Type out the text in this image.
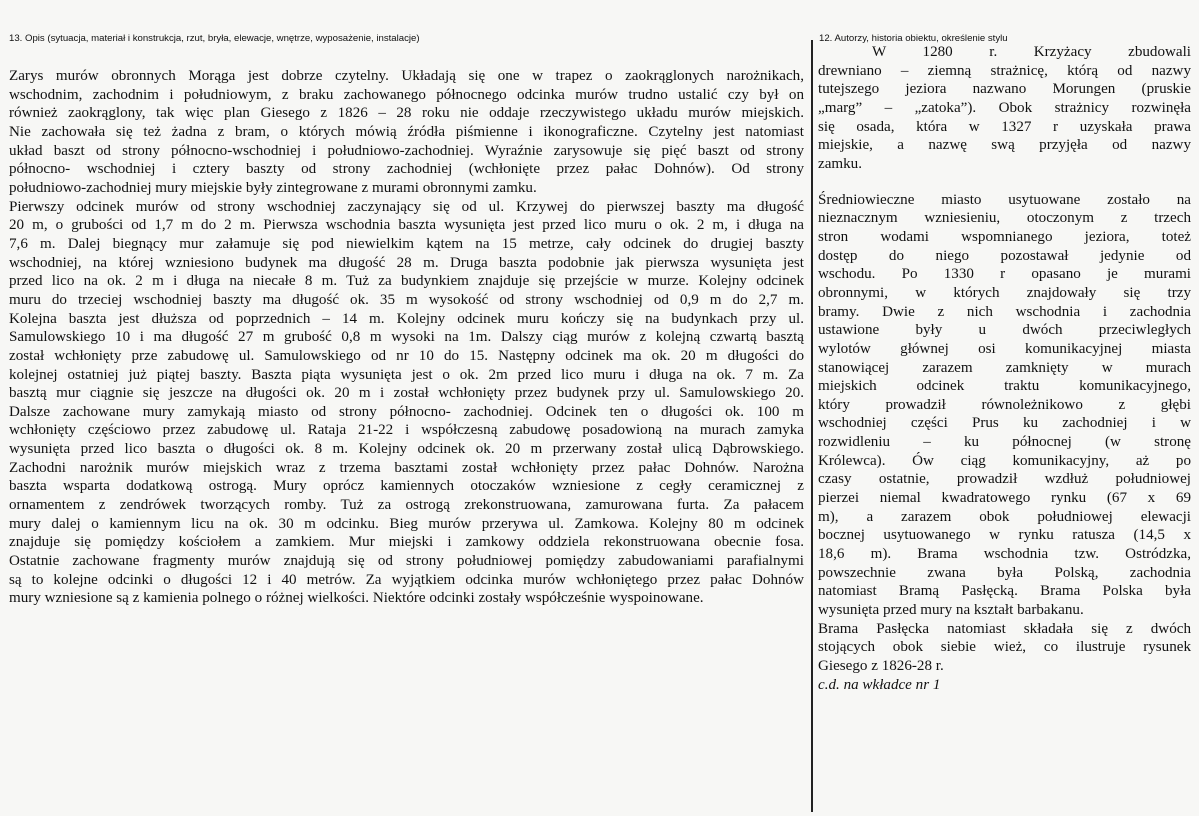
13. Opis (sytuacja, materiał i konstrukcja, rzut, bryła, elewacje, wnętrze, wyposażenie, instalacje)	12. Autorzy, historia obiektu, określenie stylu

Zarys murów obronnych Morąga jest dobrze czytelny. Układają się one w trapez o zaokrąglonych narożnikach,
wschodnim, zachodnim i południowym, z braku zachowanego północnego odcinka murów trudno ustalić czy był on
również zaokrąglony, tak więc plan Giesego z 1826 – 28 roku nie oddaje rzeczywistego układu murów miejskich.
Nie zachowała się też żadna z bram, o których mówią źródła piśmienne i ikonograficzne. Czytelny jest natomiast
układ baszt od strony północno-wschodniej i południowo-zachodniej. Wyraźnie zarysowuje się pięć baszt od strony
północno- wschodniej i cztery baszty od strony zachodniej (wchłonięte przez pałac Dohnów). Od strony
południowo-zachodniej mury miejskie były zintegrowane z murami obronnymi zamku.

Pierwszy odcinek murów od strony wschodniej zaczynający się od ul. Krzywej do pierwszej baszty ma długość
20 m, o grubości od 1,7 m do 2 m. Pierwsza wschodnia baszta wysunięta jest przed lico muru o ok. 2 m, i długa na
7,6 m. Dalej biegnący mur załamuje się pod niewielkim kątem na 15 metrze, cały odcinek do drugiej baszty
wschodniej, na której wzniesiono budynek ma długość 28 m. Druga baszta podobnie jak pierwsza wysunięta jest
przed lico na ok. 2 m i długa na niecałe 8 m. Tuż za budynkiem znajduje się przejście w murze. Kolejny odcinek
muru do trzeciej wschodniej baszty ma długość ok. 35 m wysokość od strony wschodniej od 0,9 m do 2,7 m.
Kolejna baszta jest dłuższa od poprzednich – 14 m. Kolejny odcinek muru kończy się na budynkach przy ul.
Samulowskiego 10 i ma długość 27 m grubość 0,8 m wysoki na 1m. Dalszy ciąg murów z kolejną czwartą basztą
został wchłonięty prze zabudowę ul. Samulowskiego od nr 10 do 15. Następny odcinek ma ok. 20 m długości do
kolejnej ostatniej już piątej baszty. Baszta piąta wysunięta jest o ok. 2m przed lico muru i długa na ok. 7 m. Za
basztą mur ciągnie się jeszcze na długości ok. 20 m i został wchłonięty przez budynek przy ul. Samulowskiego 20.
Dalsze zachowane mury zamykają miasto od strony północno- zachodniej. Odcinek ten o długości ok. 100 m
wchłonięty częściowo przez zabudowę ul. Rataja 21-22 i współczesną zabudowę posadowioną na murach zamyka
wysunięta przed lico baszta o długości ok. 8 m. Kolejny odcinek ok. 20 m przerwany został ulicą Dąbrowskiego.
Zachodni narożnik murów miejskich wraz z trzema basztami został wchłonięty przez pałac Dohnów. Narożna
baszta wsparta dodatkową ostrogą. Mury oprócz kamiennych otoczaków wzniesione z cegły ceramicznej z
ornamentem z zendrówek tworzących romby. Tuż za ostrogą zrekonstruowana, zamurowana furta. Za pałacem
mury dalej o kamiennym licu na ok. 30 m odcinku. Bieg murów przerywa ul. Zamkowa. Kolejny 80 m odcinek
znajduje się pomiędzy kościołem a zamkiem. Mur miejski i zamkowy oddziela rekonstruowana obecnie fosa.
Ostatnie zachowane fragmenty murów znajdują się od strony południowej pomiędzy zabudowaniami parafialnymi
są to kolejne odcinki o długości 12 i 40 metrów. Za wyjątkiem odcinka murów wchłoniętego przez pałac Dohnów
mury wzniesione są z kamienia polnego o różnej wielkości. Niektóre odcinki zostały współcześnie wyspoinowane.

W 1280 r. Krzyżacy zbudowali
drewniano – ziemną strażnicę, którą od nazwy
tutejszego jeziora nazwano Morungen (pruskie
„marg” – „zatoka”). Obok strażnicy rozwinęła
się osada, która w 1327 r uzyskała prawa
miejskie, a nazwę swą przyjęła od nazwy
zamku.

Średniowieczne miasto usytuowane zostało na
nieznacznym wzniesieniu, otoczonym z trzech
stron wodami wspomnianego jeziora, toteż
dostęp do niego pozostawał jedynie od
wschodu. Po 1330 r opasano je murami
obronnymi, w których znajdowały się trzy
bramy. Dwie z nich wschodnia i zachodnia
ustawione były u dwóch przeciwległych
wylotów głównej osi komunikacyjnej miasta
stanowiącej zarazem zamknięty w murach
miejskich odcinek traktu komunikacyjnego,
który prowadził równoleżnikowo z głębi
wschodniej części Prus ku zachodniej i w
rozwidleniu – ku północnej (w stronę
Królewca). Ów ciąg komunikacyjny, aż po
czasy ostatnie, prowadził wzdłuż południowej
pierzei niemal kwadratowego rynku (67 x 69
m), a zarazem obok południowej elewacji
bocznej usytuowanego w rynku ratusza (14,5 x
18,6 m). Brama wschodnia tzw. Ostródzka,
powszechnie zwana była Polską, zachodnia
natomiast Bramą Pasłęcką. Brama Polska była
wysunięta przed mury na kształt barbakanu.
Brama Pasłęcka natomiast składała się z dwóch
stojących obok siebie wież, co ilustruje rysunek
Giesego z 1826-28 r.
c.d. na wkładce nr 1
